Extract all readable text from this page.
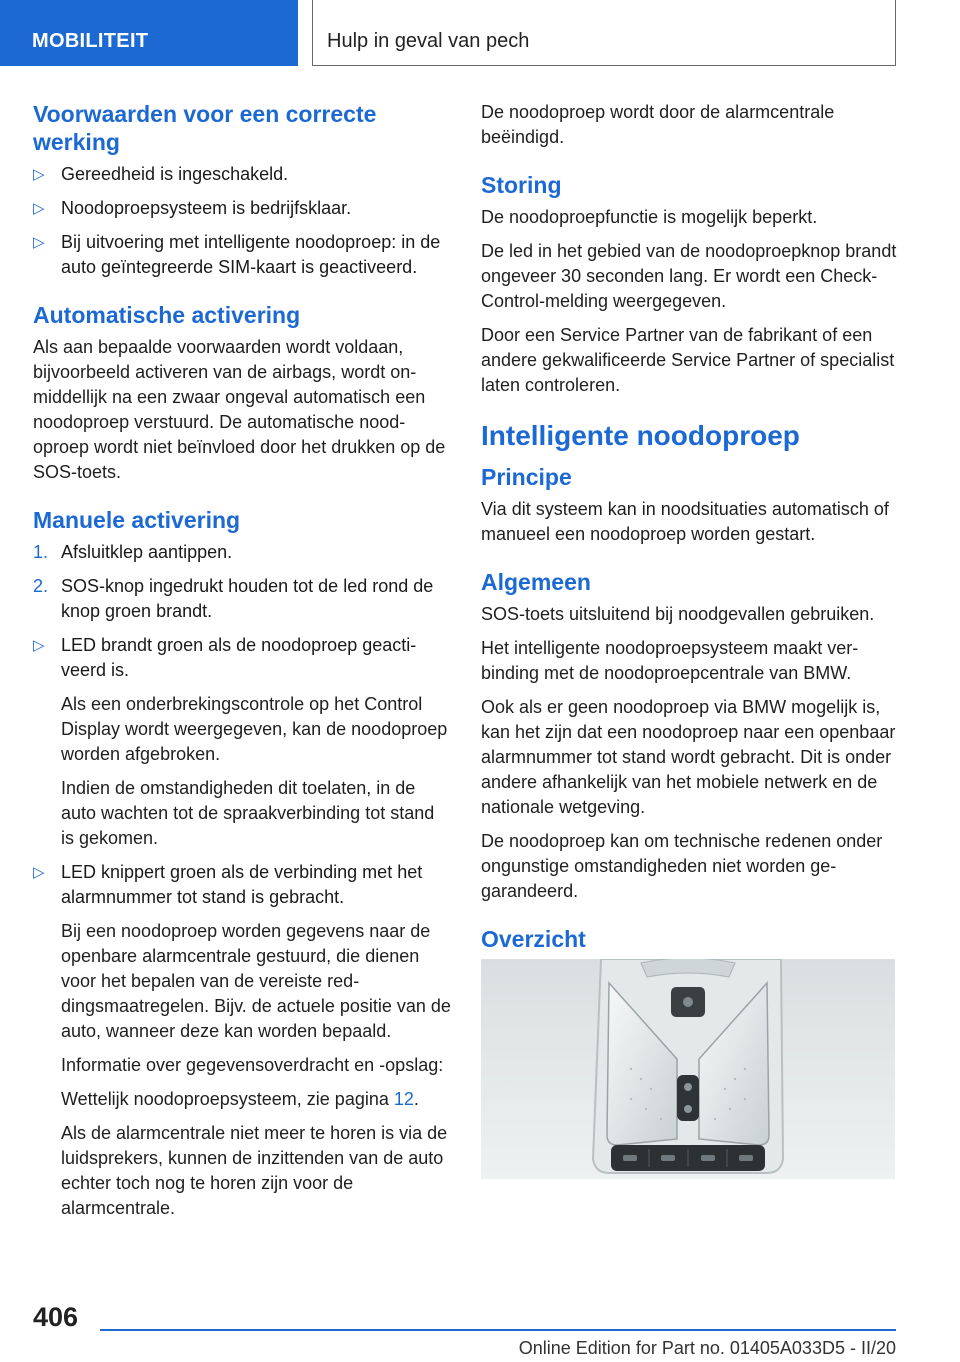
MOBILITEIT	Hulp in geval van pech
Voorwaarden voor een correcte werking
▷ Gereedheid is ingeschakeld.
▷ Noodoproepsysteem is bedrijfsklaar.
▷ Bij uitvoering met intelligente noodoproep: in de auto geïntegreerde SIM-kaart is geactiveerd.
Automatische activering

Als aan bepaalde voorwaarden wordt voldaan, bijvoorbeeld activeren van de airbags, wordt onmiddellijk na een zwaar ongeval automatisch een noodoproep verstuurd. De automatische noodoproep wordt niet beïnvloed door het drukken op de SOS-toets.

Manuele activering
1. Afsluitklep aantippen.
2. SOS-knop ingedrukt houden tot de led rond de knop groen brandt.
▷ LED brandt groen als de noodoproep geactiveerd is.

Als een onderbrekingscontrole op het Control Display wordt weergegeven, kan de noodoproep worden afgebroken.

Indien de omstandigheden dit toelaten, in de auto wachten tot de spraakverbinding tot stand is gekomen.

▷ LED knippert groen als de verbinding met het alarmnummer tot stand is gebracht.

Bij een noodoproep worden gegevens naar de openbare alarmcentrale gestuurd, die dienen voor het bepalen van de vereiste reddingsmaatregelen. Bijv. de actuele positie van de auto, wanneer deze kan worden bepaald.

Informatie over gegevensoverdracht en -opslag:

Wettelijk noodoproepsysteem, zie pagina 12.

Als de alarmcentrale niet meer te horen is via de luidsprekers, kunnen de inzittenden van de auto echter toch nog te horen zijn voor de alarmcentrale.

De noodoproep wordt door de alarmcentrale beëindigd.

Storing

De noodoproepfunctie is mogelijk beperkt.

De led in het gebied van de noodoproepknop brandt ongeveer 30 seconden lang. Er wordt een Check-Control-melding weergegeven.

Door een Service Partner van de fabrikant of een andere gekwalificeerde Service Partner of specialist laten controleren.

Intelligente noodoproep
Principe

Via dit systeem kan in noodsituaties automatisch of manueel een noodoproep worden gestart.

Algemeen

SOS-toets uitsluitend bij noodgevallen gebruiken.

Het intelligente noodoproepsysteem maakt verbinding met de noodoproepcentrale van BMW.

Ook als er geen noodoproep via BMW mogelijk is, kan het zijn dat een noodoproep naar een openbaar alarmnummer tot stand wordt gebracht. Dit is onder andere afhankelijk van het mobiele netwerk en de nationale wetgeving.

De noodoproep kan om technische redenen onder ongunstige omstandigheden niet worden gegarandeerd.

Overzicht
406
Online Edition for Part no. 01405A033D5 - II/20
